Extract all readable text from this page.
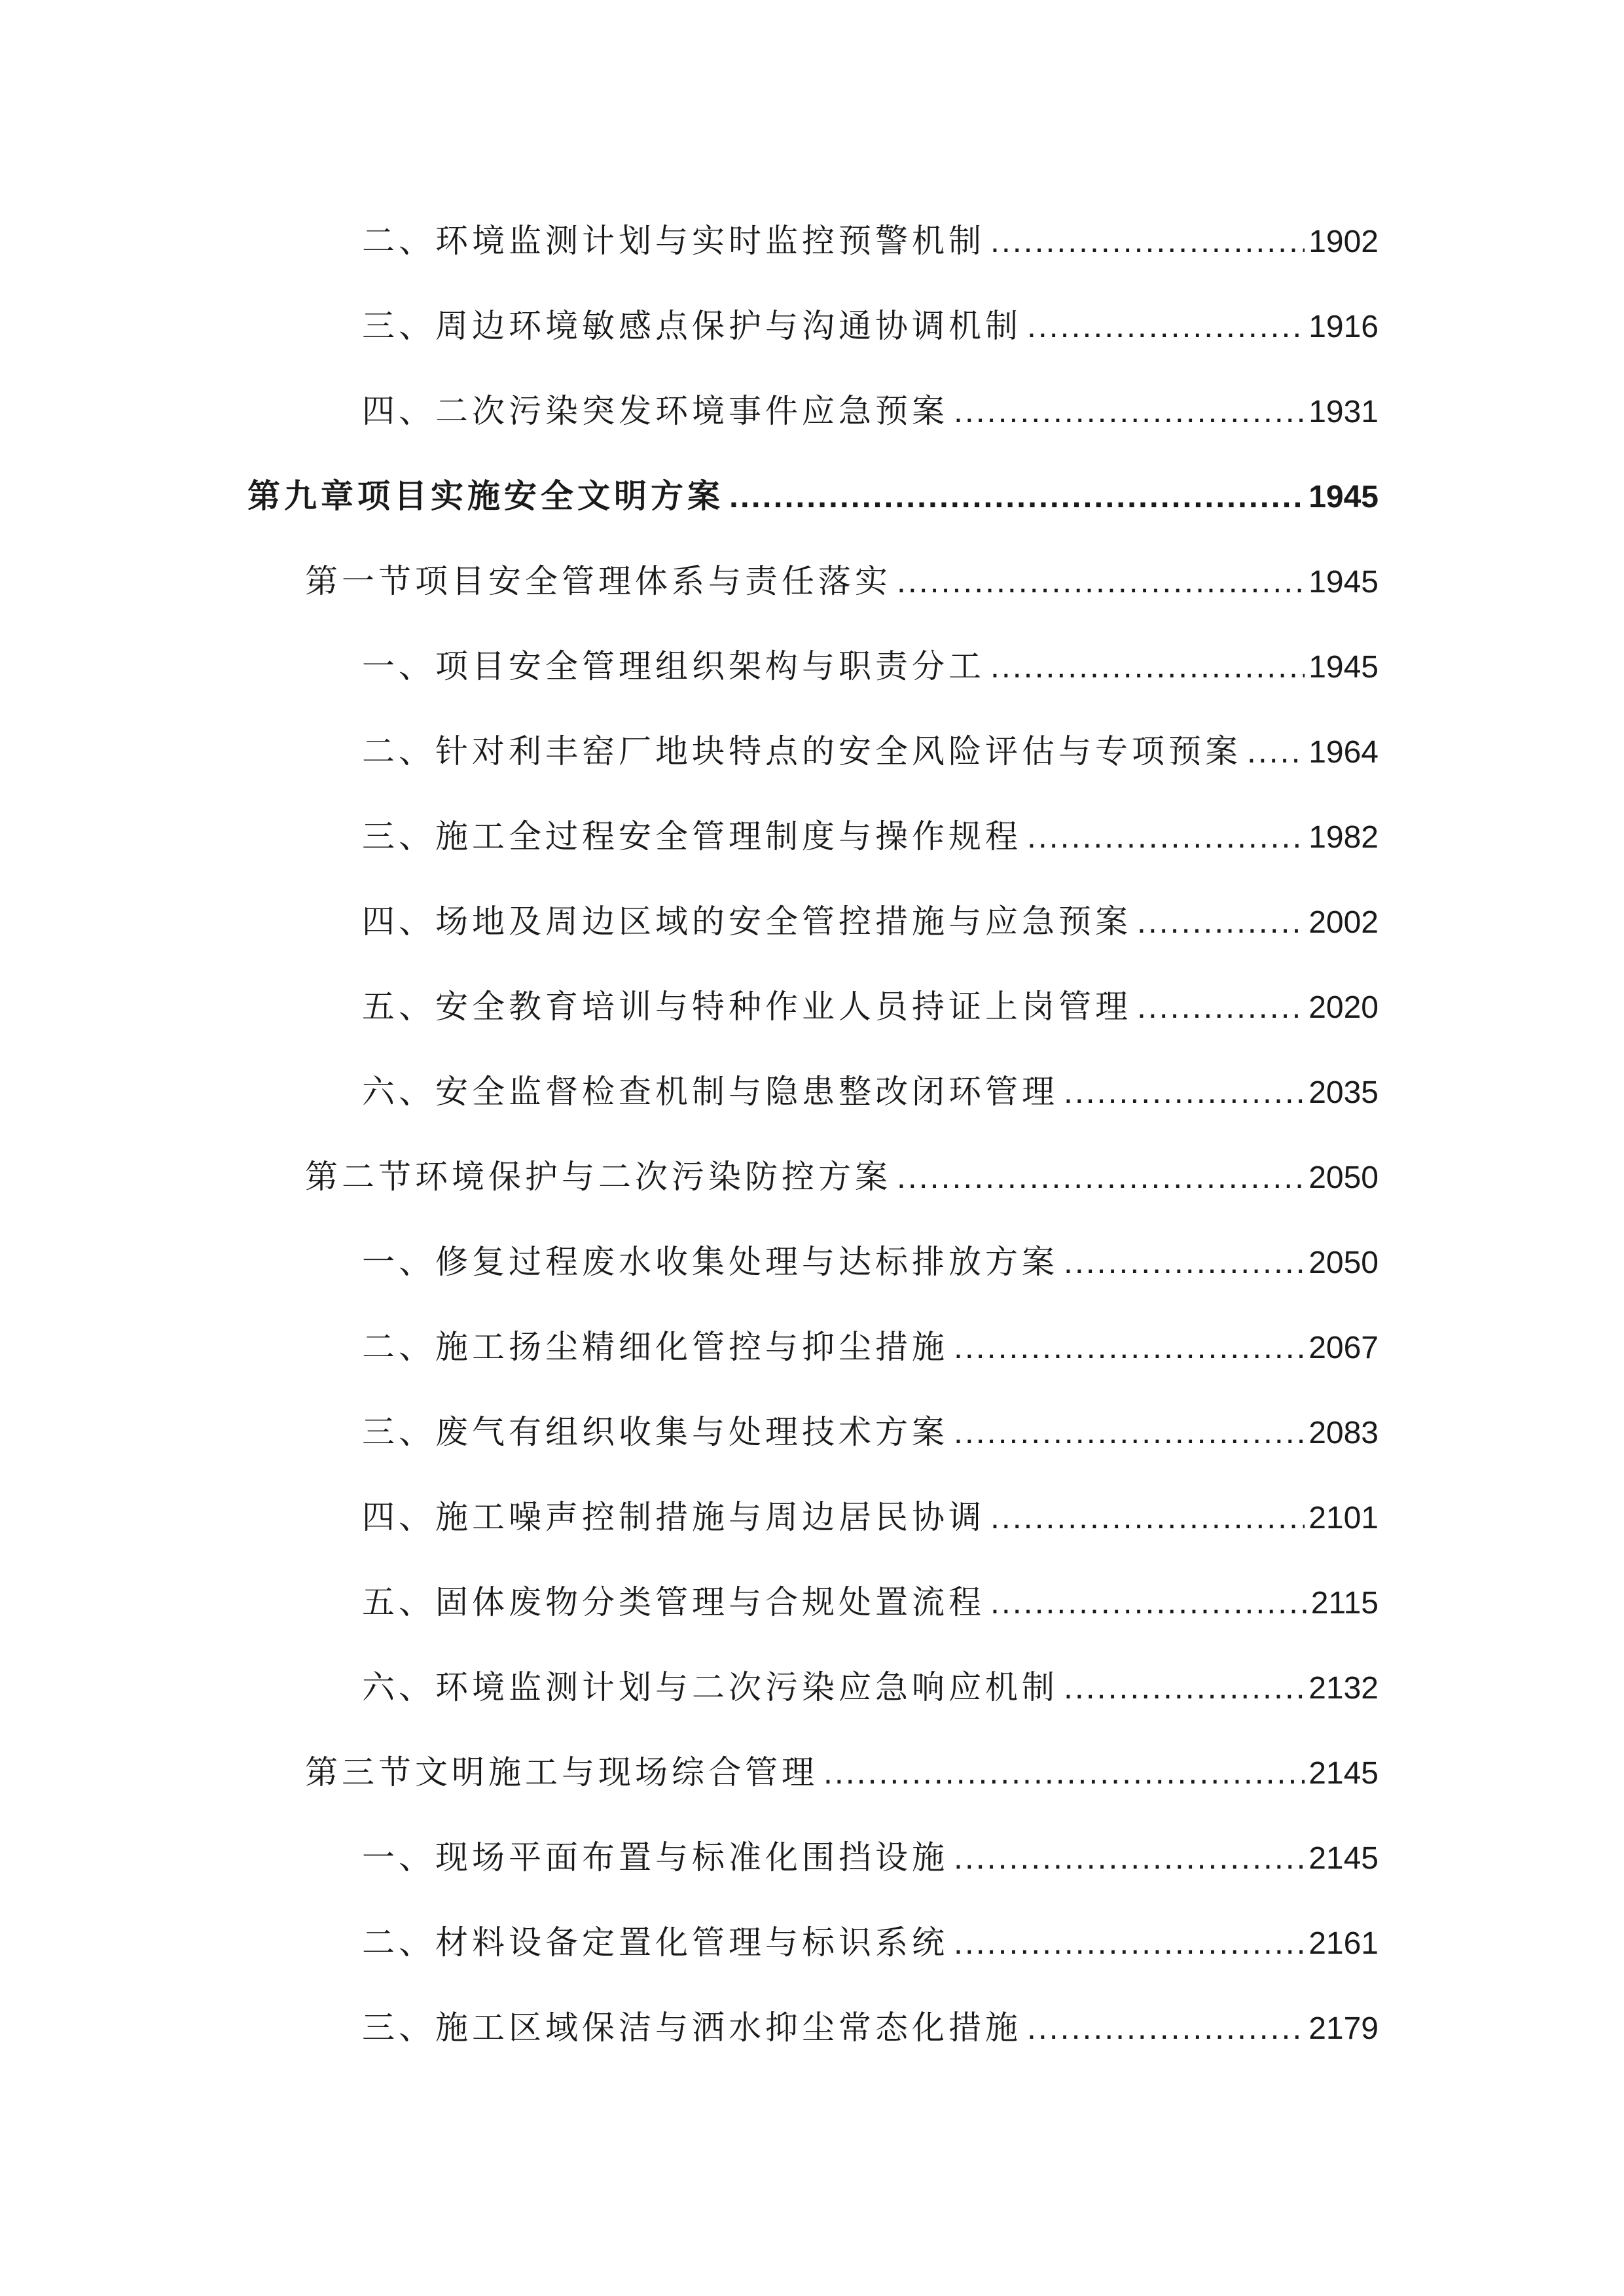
二、环境监测计划与实时监控预警机制 .....	1902
三、周边环境敏感点保护与沟通协调机制 .....	1916
四、二次污染突发环境事件应急预案 .....	1931
第九章项目实施安全文明方案 .....	1945
第一节项目安全管理体系与责任落实 .....	1945
一、项目安全管理组织架构与职责分工 .....	1945
二、针对利丰窑厂地块特点的安全风险评估与专项预案 ..... 1964
三、施工全过程安全管理制度与操作规程 .....	1982
四、场地及周边区域的安全管控措施与应急预案 .....	2002
五、安全教育培训与特种作业人员持证上岗管理 .....	2020
六、安全监督检查机制与隐患整改闭环管理 .....	2035
第二节环境保护与二次污染防控方案 .....	2050
一、修复过程废水收集处理与达标排放方案 .....	2050
二、施工扬尘精细化管控与抑尘措施 .....	2067
三、废气有组织收集与处理技术方案 .....	2083
四、施工噪声控制措施与周边居民协调 .....	2101
五、固体废物分类管理与合规处置流程 .....	2115
六、环境监测计划与二次污染应急响应机制 .....	2132
第三节文明施工与现场综合管理 .....	2145
一、现场平面布置与标准化围挡设施 .....	2145
二、材料设备定置化管理与标识系统 .....	2161
三、施工区域保洁与洒水抑尘常态化措施 .....	2179
